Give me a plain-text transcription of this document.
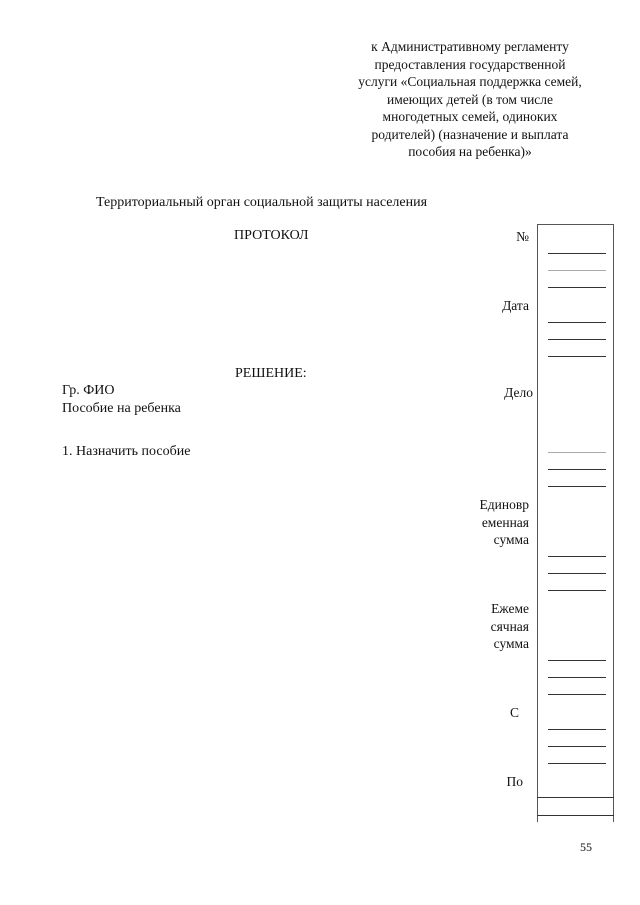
к Административному регламенту
предоставления государственной
услуги «Социальная поддержка семей,
имеющих детей (в том числе
многодетных семей, одиноких
родителей) (назначение и выплата
пособия на ребенка)»
Территориальный орган социальной защиты населения
ПРОТОКОЛ
РЕШЕНИЕ:
Гр. ФИО
Пособие на ребенка
1. Назначить пособие
№
Дата
Дело
Единовр
еменная
сумма
Ежеме
сячная
сумма
С
По
55
